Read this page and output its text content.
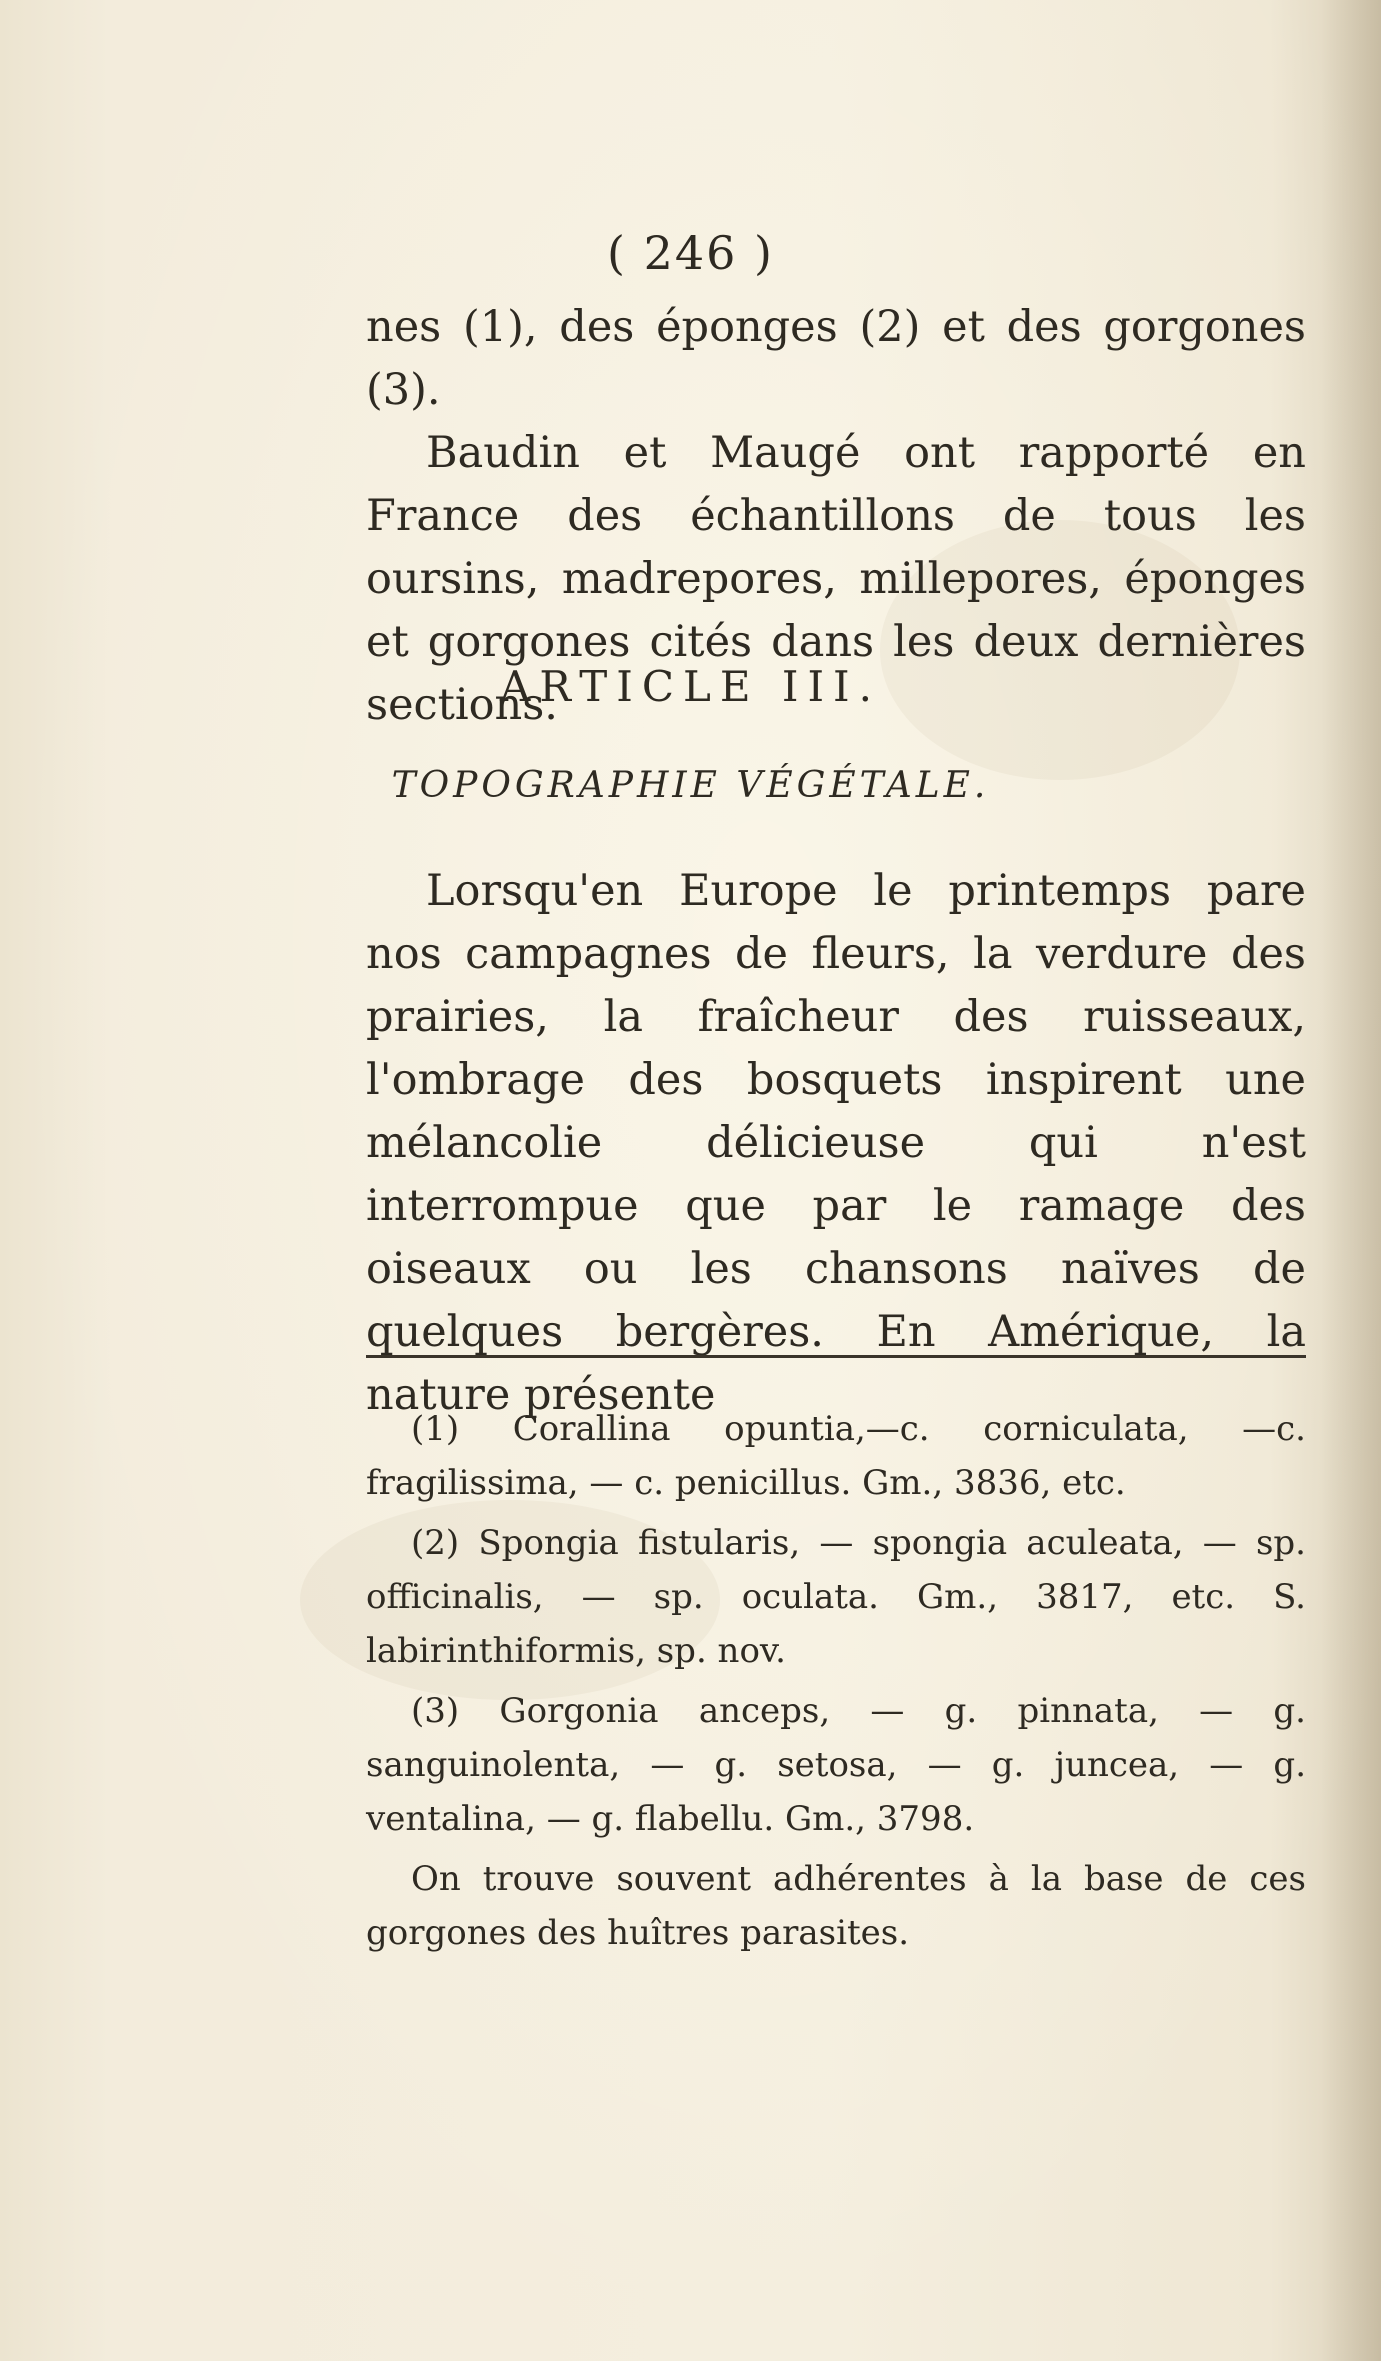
( 246 )

nes (1), des éponges (2) et des gorgones (3).

Baudin et Maugé ont rapporté en France des échantillons de tous les oursins, madrepores, millepores, éponges et gorgones cités dans les deux dernières sections.

ARTICLE III.
TOPOGRAPHIE VÉGÉTALE.

Lorsqu'en Europe le printemps pare nos campagnes de fleurs, la verdure des prairies, la fraîcheur des ruisseaux, l'ombrage des bosquets inspirent une mélancolie délicieuse qui n'est interrompue que par le ramage des oiseaux ou les chansons naïves de quelques bergères. En Amérique, la nature présente

(1) Corallina opuntia,—c. corniculata, —c. fragilissima, — c. penicillus. Gm., 3836, etc.

(2) Spongia fistularis, — spongia aculeata, — sp. officinalis, — sp. oculata. Gm., 3817, etc. S. labirinthiformis, sp. nov.

(3) Gorgonia anceps, — g. pinnata, — g. sanguinolenta, — g. setosa, — g. juncea, — g. ventalina, — g. flabellu. Gm., 3798.

On trouve souvent adhérentes à la base de ces gorgones des huîtres parasites.
